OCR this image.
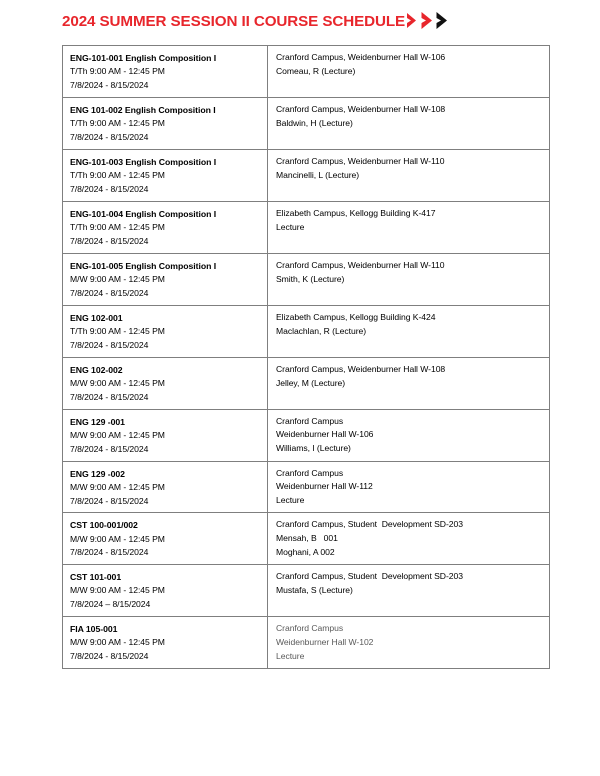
2024 SUMMER SESSION II COURSE SCHEDULE
ENG-101-001 English Composition I
T/Th 9:00 AM - 12:45 PM
7/8/2024 - 8/15/2024	Cranford Campus, Weidenburner Hall W-106
Comeau, R (Lecture)

ENG 101-002 English Composition I
T/Th 9:00 AM - 12:45 PM
7/8/2024 - 8/15/2024	Cranford Campus, Weidenburner Hall W-108
Baldwin, H (Lecture)

ENG-101-003 English Composition I
T/Th 9:00 AM - 12:45 PM
7/8/2024 - 8/15/2024	Cranford Campus, Weidenburner Hall W-110
Mancinelli, L (Lecture)

ENG-101-004 English Composition I
T/Th 9:00 AM - 12:45 PM
7/8/2024 - 8/15/2024	Elizabeth Campus, Kellogg Building K-417
Lecture

ENG-101-005 English Composition I
M/W 9:00 AM - 12:45 PM
7/8/2024 - 8/15/2024	Cranford Campus, Weidenburner Hall W-110
Smith, K (Lecture)

ENG 102-001
T/Th 9:00 AM - 12:45 PM
7/8/2024 - 8/15/2024	Elizabeth Campus, Kellogg Building K-424
Maclachlan, R (Lecture)

ENG 102-002
M/W 9:00 AM - 12:45 PM
7/8/2024 - 8/15/2024	Cranford Campus, Weidenburner Hall W-108
Jelley, M (Lecture)

ENG 129 -001
M/W 9:00 AM - 12:45 PM
7/8/2024 - 8/15/2024	Cranford Campus
Weidenburner Hall W-106
Williams, I (Lecture)

ENG 129 -002
M/W 9:00 AM - 12:45 PM
7/8/2024 - 8/15/2024	Cranford Campus
Weidenburner Hall W-112
Lecture

CST 100-001/002
M/W 9:00 AM - 12:45 PM
7/8/2024 - 8/15/2024	Cranford Campus, Student  Development SD-203
Mensah, B   001
Moghani, A 002

CST 101-001
M/W 9:00 AM - 12:45 PM
7/8/2024 – 8/15/2024	Cranford Campus, Student  Development SD-203
Mustafa, S (Lecture)

FIA 105-001
M/W 9:00 AM - 12:45 PM
7/8/2024 - 8/15/2024	Cranford Campus
Weidenburner Hall W-102
Lecture
